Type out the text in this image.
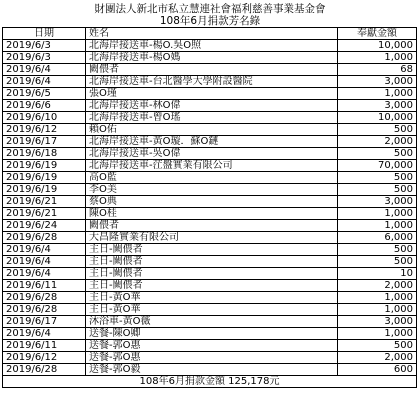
財團法人新北市私立慧連社會福利慈善事業基金會
108年6月捐款芳名錄
日期	姓名	奉獻金額
2019/6/3	北海岸接送車-楊O.吳O照	10,000
2019/6/3	北海岸接送車-楊O媽	1,000
2019/6/4	闕偎者	68
2019/6/4	北海岸接送車-台北醫學大學附設醫院	3,000
2019/6/5	張O瑾	1,000
2019/6/6	北海岸接送車-林O偉	3,000
2019/6/10	北海岸接送車-曾O瑤	10,000
2019/6/12	賴O佑	500
2019/6/17	北海岸接送車-黃O璇．蘇O鏈	2,000
2019/6/18	北海岸接送車-吳O偉	500
2019/6/19	北海岸接送車-茳盤實業有限公司	70,000
2019/6/19	高O藍	500
2019/6/19	李O美	500
2019/6/21	蔡O典	3,000
2019/6/21	陳O桂	1,000
2019/6/24	闕偎者	1,000
2019/6/28	大昌隆實業有限公司	6,000
2019/6/4	主日-闕偎者	500
2019/6/4	主日-闕偎者	500
2019/6/4	主日-闕偎者	10
2019/6/11	主日-闕偎者	2,000
2019/6/28	主日-黃O華	1,000
2019/6/28	主日-黃O華	1,000
2019/6/17	沐浴車-黃O薇	3,000
2019/6/4	送餐-陳O卿	1,000
2019/6/11	送餐-郭O惠	500
2019/6/12	送餐-郭O惠	2,000
2019/6/28	送餐-郭O毅	600
108年6月捐款金額 125,178元		
